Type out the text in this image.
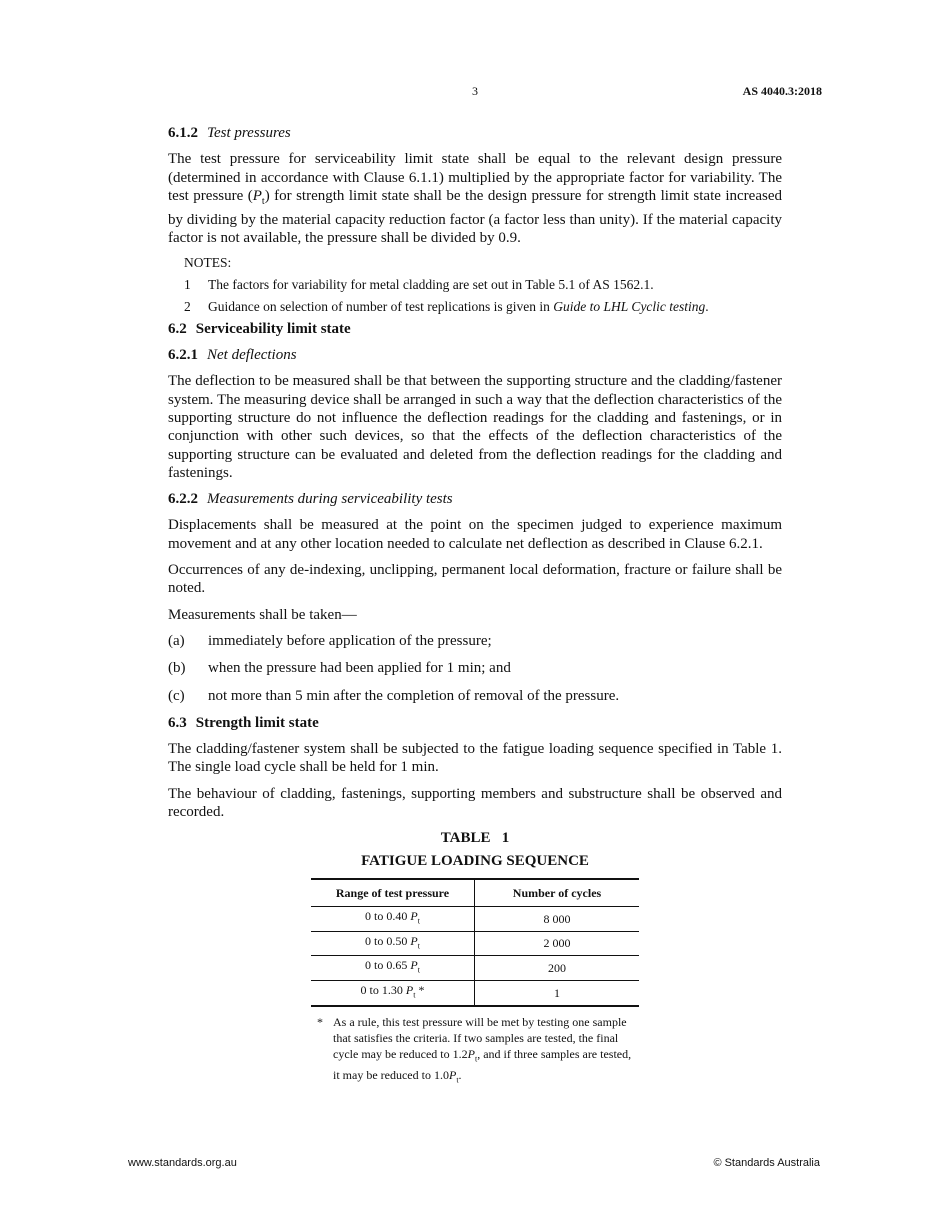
3	AS 4040.3:2018
6.1.2 Test pressures

The test pressure for serviceability limit state shall be equal to the relevant design pressure (determined in accordance with Clause 6.1.1) multiplied by the appropriate factor for variability. The test pressure $(P_t)$ for strength limit state shall be the design pressure for strength limit state increased by dividing by the material capacity reduction factor (a factor less than unity). If the material capacity factor is not available, the pressure shall be divided by 0.9.

NOTES:
1	The factors for variability for metal cladding are set out in Table 5.1 of AS 1562.1.
2	Guidance on selection of number of test replications is given in Guide to LHL Cyclic testing.
6.2 Serviceability limit state
6.2.1 Net deflections

The deflection to be measured shall be that between the supporting structure and the cladding/fastener system. The measuring device shall be arranged in such a way that the deflection characteristics of the supporting structure do not influence the deflection readings for the cladding and fastenings, or in conjunction with other such devices, so that the effects of the deflection characteristics of the supporting structure can be evaluated and deleted from the deflection readings for the cladding and fastenings.

6.2.2 Measurements during serviceability tests

Displacements shall be measured at the point on the specimen judged to experience maximum movement and at any other location needed to calculate net deflection as described in Clause 6.2.1.

Occurrences of any de-indexing, unclipping, permanent local deformation, fracture or failure shall be noted.

Measurements shall be taken—

(a)	immediately before application of the pressure;
(b)	when the pressure had been applied for 1 min; and
(c)	not more than 5 min after the completion of removal of the pressure.
6.3 Strength limit state

The cladding/fastener system shall be subjected to the fatigue loading sequence specified in Table 1. The single load cycle shall be held for 1 min.

The behaviour of cladding, fastenings, supporting members and substructure shall be observed and recorded.

TABLE   1
FATIGUE LOADING SEQUENCE
Range of test pressure	Number of cycles
0 to 0.40 $P_t$	8 000
0 to 0.50 $P_t$	2 000
0 to 0.65 $P_t$	200
0 to 1.30 $P_t$ *	1
* As a rule, this test pressure will be met by testing one sample that satisfies the criteria. If two samples are tested, the final cycle may be reduced to $1.2P_t$, and if three samples are tested, it may be reduced to $1.0P_t$.
www.standards.org.au	© Standards Australia
